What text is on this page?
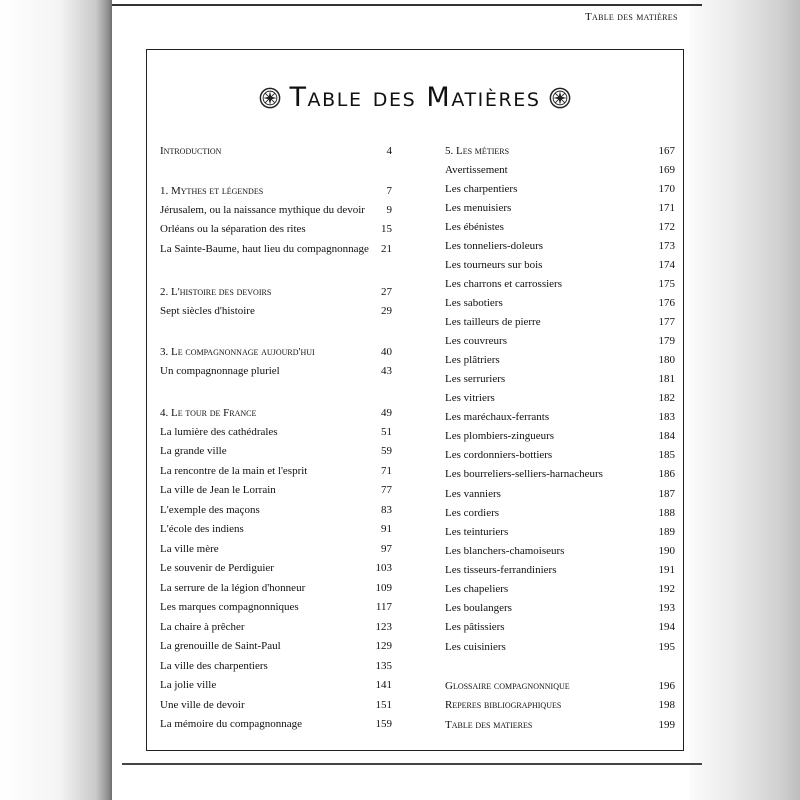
Table des matières
Table des Matières
Introduction	4
1. Mythes et légendes	7
Jérusalem, ou la naissance mythique du devoir 9
Orléans ou la séparation des rites	15
La Sainte-Baume, haut lieu du compagnonnage 21
2. L'histoire des devoirs	27
Sept siècles d'histoire	29
3. Le compagnonnage aujourd'hui	40
Un compagnonnage pluriel	43
4. Le tour de France	49
La lumière des cathédrales	51
La grande ville	59
La rencontre de la main et l'esprit	71
La ville de Jean le Lorrain	77
L'exemple des maçons	83
L'école des indiens	91
La ville mère	97
Le souvenir de Perdiguier	103
La serrure de la légion d'honneur	109
Les marques compagnonniques	117
La chaire à prêcher	123
La grenouille de Saint-Paul	129
La ville des charpentiers	135
La jolie ville	141
Une ville de devoir	151
La mémoire du compagnonnage	159
5. Les métiers	167
Avertissement	169
Les charpentiers	170
Les menuisiers	171
Les ébénistes	172
Les tonneliers-doleurs	173
Les tourneurs sur bois	174
Les charrons et carrossiers	175
Les sabotiers	176
Les tailleurs de pierre	177
Les couvreurs	179
Les plâtriers	180
Les serruriers	181
Les vitriers	182
Les maréchaux-ferrants	183
Les plombiers-zingueurs	184
Les cordonniers-bottiers	185
Les bourreliers-selliers-harnacheurs	186
Les vanniers	187
Les cordiers	188
Les teinturiers	189
Les blanchers-chamoiseurs	190
Les tisseurs-ferrandiniers	191
Les chapeliers	192
Les boulangers	193
Les pâtissiers	194
Les cuisiniers	195
Glossaire compagnonnique	196
Reperes bibliographiques	198
Table des matieres	199
